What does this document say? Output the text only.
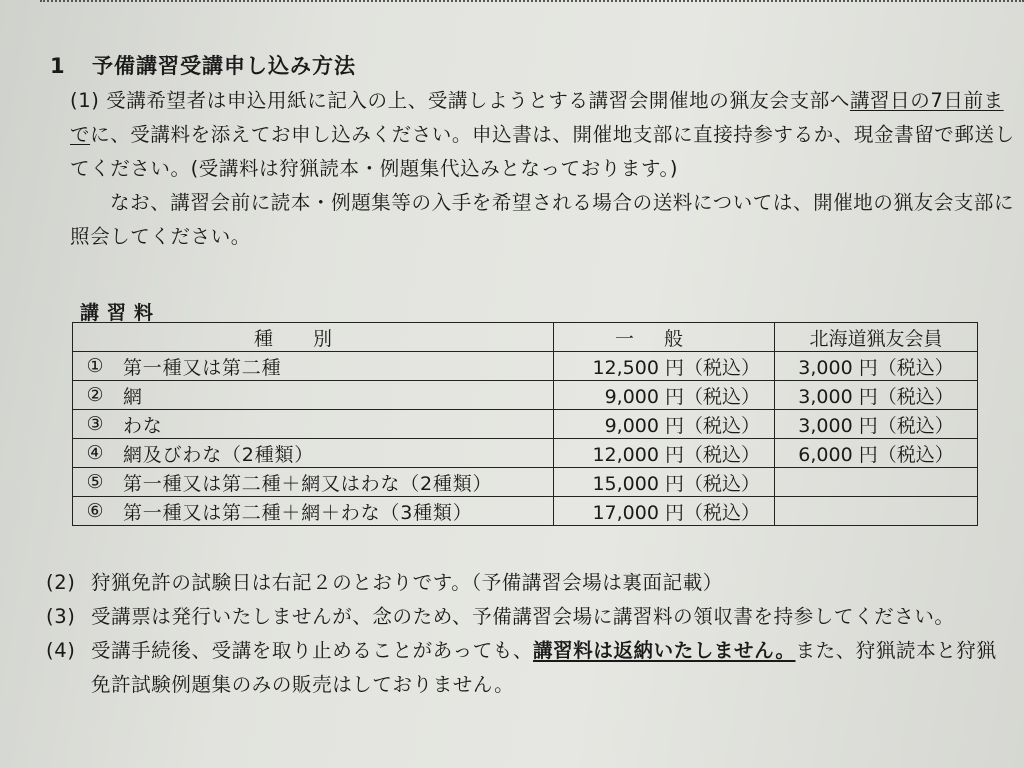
1 予備講習受講申し込み方法
(1) 受講希望者は申込用紙に記入の上、受講しようとする講習会開催地の猟友会支部へ講習日の7日前までに、受講料を添えてお申し込みください。申込書は、開催地支部に直接持参するか、現金書留で郵送してください。(受講料は狩猟読本・例題集代込みとなっております。)
なお、講習会前に読本・例題集等の入手を希望される場合の送料については、開催地の猟友会支部に照会してください。
講習料
種別		一般	北海道猟友会員
①	第一種又は第二種	12,500 円（税込）	3,000 円（税込）
②	網	9,000 円（税込）	3,000 円（税込）
③	わな	9,000 円（税込）	3,000 円（税込）
④	網及びわな（2種類）	12,000 円（税込）	6,000 円（税込）
⑤	第一種又は第二種＋網又はわな（2種類）	15,000 円（税込）	
⑥	第一種又は第二種＋網＋わな（3種類）	17,000 円（税込）	
(2) 狩猟免許の試験日は右記２のとおりです。（予備講習会場は裏面記載）
(3) 受講票は発行いたしませんが、念のため、予備講習会場に講習料の領収書を持参してください。
(4) 受講手続後、受講を取り止めることがあっても、講習料は返納いたしません。また、狩猟読本と狩猟免許試験例題集のみの販売はしておりません。
